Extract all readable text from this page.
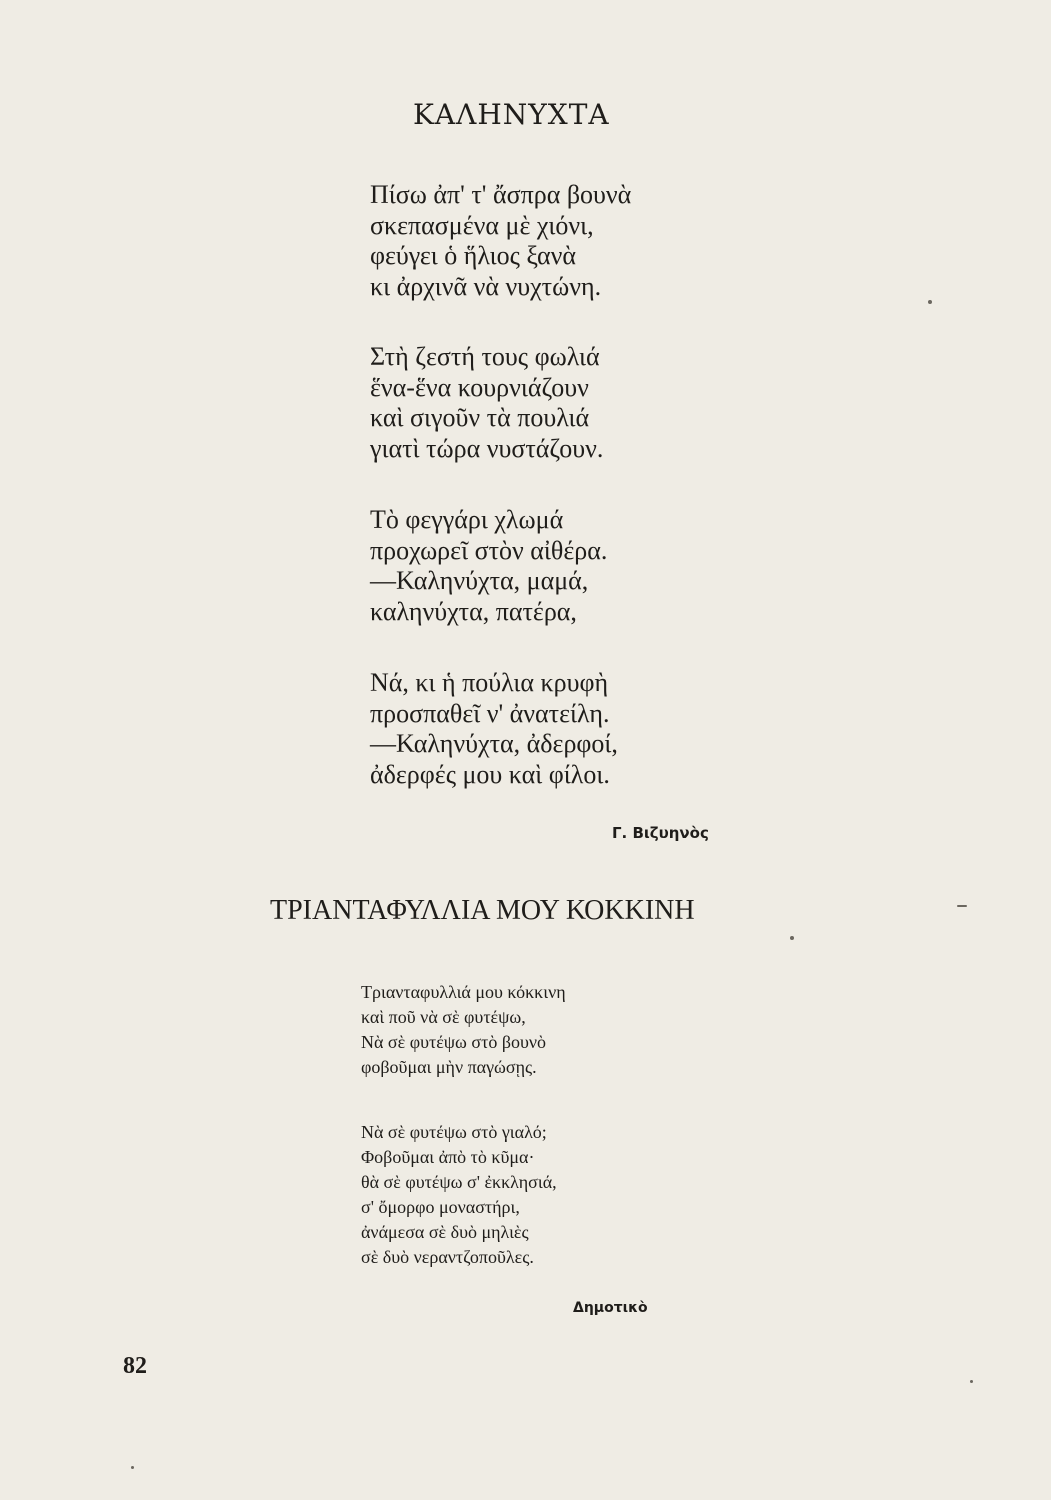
ΚΑΛΗΝΥΧΤΑ

Πίσω ἀπ' τ' ἄσπρα βουνὰ
σκεπασμένα μὲ χιόνι,
φεύγει ὁ ἥλιος ξανὰ
κι ἀρχινᾶ νὰ νυχτώνη.

Στὴ ζεστή τους φωλιά
ἕνα-ἕνα κουρνιάζουν
καὶ σιγοῦν τὰ πουλιά
γιατὶ τώρα νυστάζουν.

Τὸ φεγγάρι χλωμά
προχωρεῖ στὸν αἰθέρα.
—Καληνύχτα, μαμά,
καληνύχτα, πατέρα,

Νά, κι ἡ πούλια κρυφὴ
προσπαθεῖ ν' ἀνατείλη.
—Καληνύχτα, ἀδερφοί,
ἀδερφές μου καὶ φίλοι.

Γ. Βιζυηνὸς
ΤΡΙΑΝΤΑΦΥΛΛΙΑ ΜΟΥ ΚΟΚΚΙΝΗ

Τριανταφυλλιά μου κόκκινη
καὶ ποῦ νὰ σὲ φυτέψω,
Νὰ σὲ φυτέψω στὸ βουνὸ
φοβοῦμαι μὴν παγώσῃς.

Νὰ σὲ φυτέψω στὸ γιαλό;
Φοβοῦμαι ἀπὸ τὸ κῦμα·
θὰ σὲ φυτέψω σ' ἐκκλησιά,
σ' ὄμορφο μοναστήρι,
ἀνάμεσα σὲ δυὸ μηλιὲς
σὲ δυὸ νεραντζοποῦλες.

Δημοτικὸ
82
